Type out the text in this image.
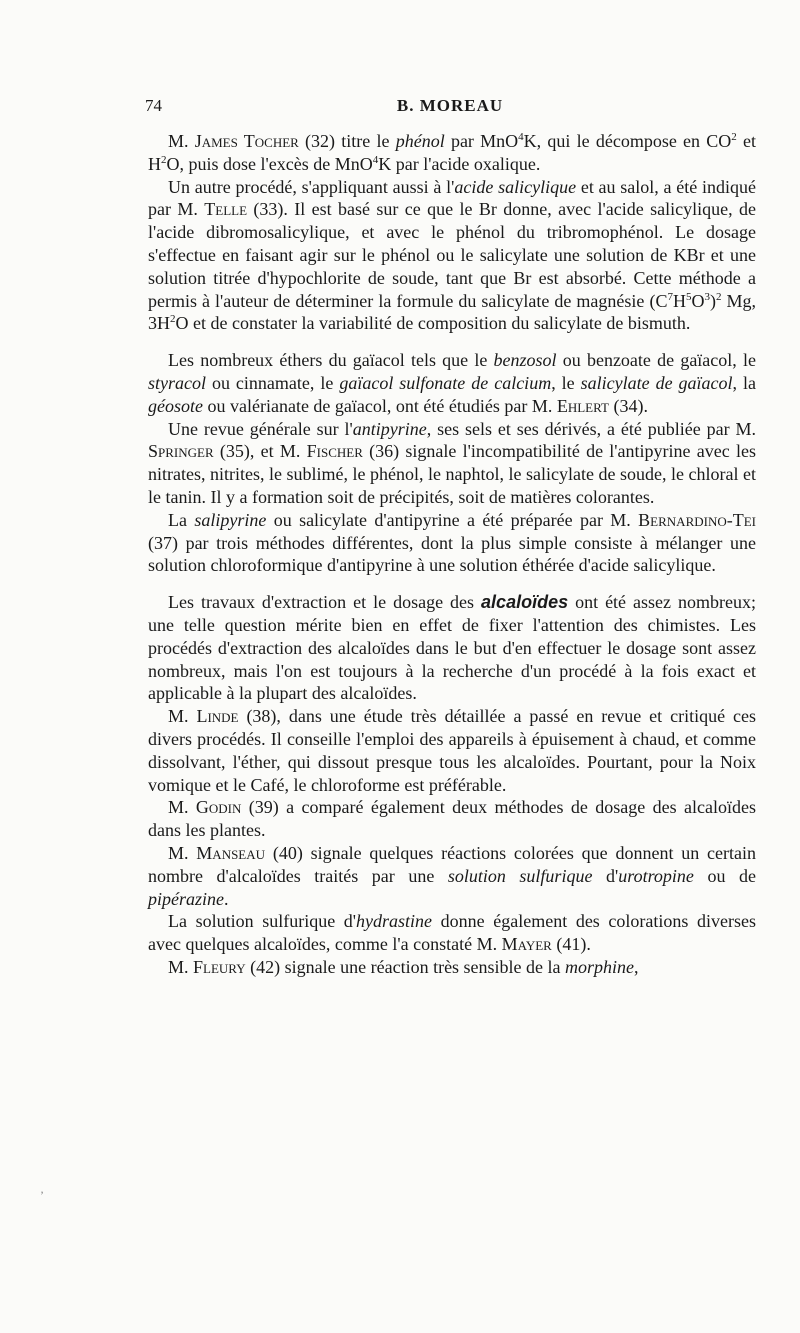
74	B. MOREAU

M. James Tocher (32) titre le phénol par MnO$^4$K, qui le décompose en $CO^2$ et $H^2O$, puis dose l'excès de MnO$^4$K par l'acide oxalique.

Un autre procédé, s'appliquant aussi à l'acide salicylique et au salol, a été indiqué par M. Telle (33). Il est basé sur ce que le Br donne, avec l'acide salicylique, de l'acide dibromosalicylique, et avec le phénol du tribromophénol. Le dosage s'effectue en faisant agir sur le phénol ou le salicylate une solution de KBr et une solution titrée d'hypochlorite de soude, tant que Br est absorbé. Cette méthode a permis à l'auteur de déterminer la formule du salicylate de magnésie $(C^7H^5O^3)^2$ Mg, $3H^2O$ et de constater la variabilité de composition du salicylate de bismuth.

Les nombreux éthers du gaïacol tels que le benzosol ou benzoate de gaïacol, le styracol ou cinnamate, le gaïacol sulfonate de calcium, le salicylate de gaïacol, la géosote ou valérianate de gaïacol, ont été étudiés par M. Ehlert (34).

Une revue générale sur l'antipyrine, ses sels et ses dérivés, a été publiée par M. Springer (35), et M. Fischer (36) signale l'incompatibilité de l'antipyrine avec les nitrates, nitrites, le sublimé, le phénol, le naphtol, le salicylate de soude, le chloral et le tanin. Il y a formation soit de précipités, soit de matières colorantes.

La salipyrine ou salicylate d'antipyrine a été préparée par M. Bernardino-Tei (37) par trois méthodes différentes, dont la plus simple consiste à mélanger une solution chloroformique d'antipyrine à une solution éthérée d'acide salicylique.

Les travaux d'extraction et le dosage des alcaloïdes ont été assez nombreux; une telle question mérite bien en effet de fixer l'attention des chimistes. Les procédés d'extraction des alcaloïdes dans le but d'en effectuer le dosage sont assez nombreux, mais l'on est toujours à la recherche d'un procédé à la fois exact et applicable à la plupart des alcaloïdes.

M. Linde (38), dans une étude très détaillée a passé en revue et critiqué ces divers procédés. Il conseille l'emploi des appareils à épuisement à chaud, et comme dissolvant, l'éther, qui dissout presque tous les alcaloïdes. Pourtant, pour la Noix vomique et le Café, le chloroforme est préférable.

M. Godin (39) a comparé également deux méthodes de dosage des alcaloïdes dans les plantes.

M. Manseau (40) signale quelques réactions colorées que donnent un certain nombre d'alcaloïdes traités par une solution sulfurique d'urotropine ou de pipérazine.

La solution sulfurique d'hydrastine donne également des colorations diverses avec quelques alcaloïdes, comme l'a constaté M. Mayer (41).

M. Fleury (42) signale une réaction très sensible de la morphine,

’
